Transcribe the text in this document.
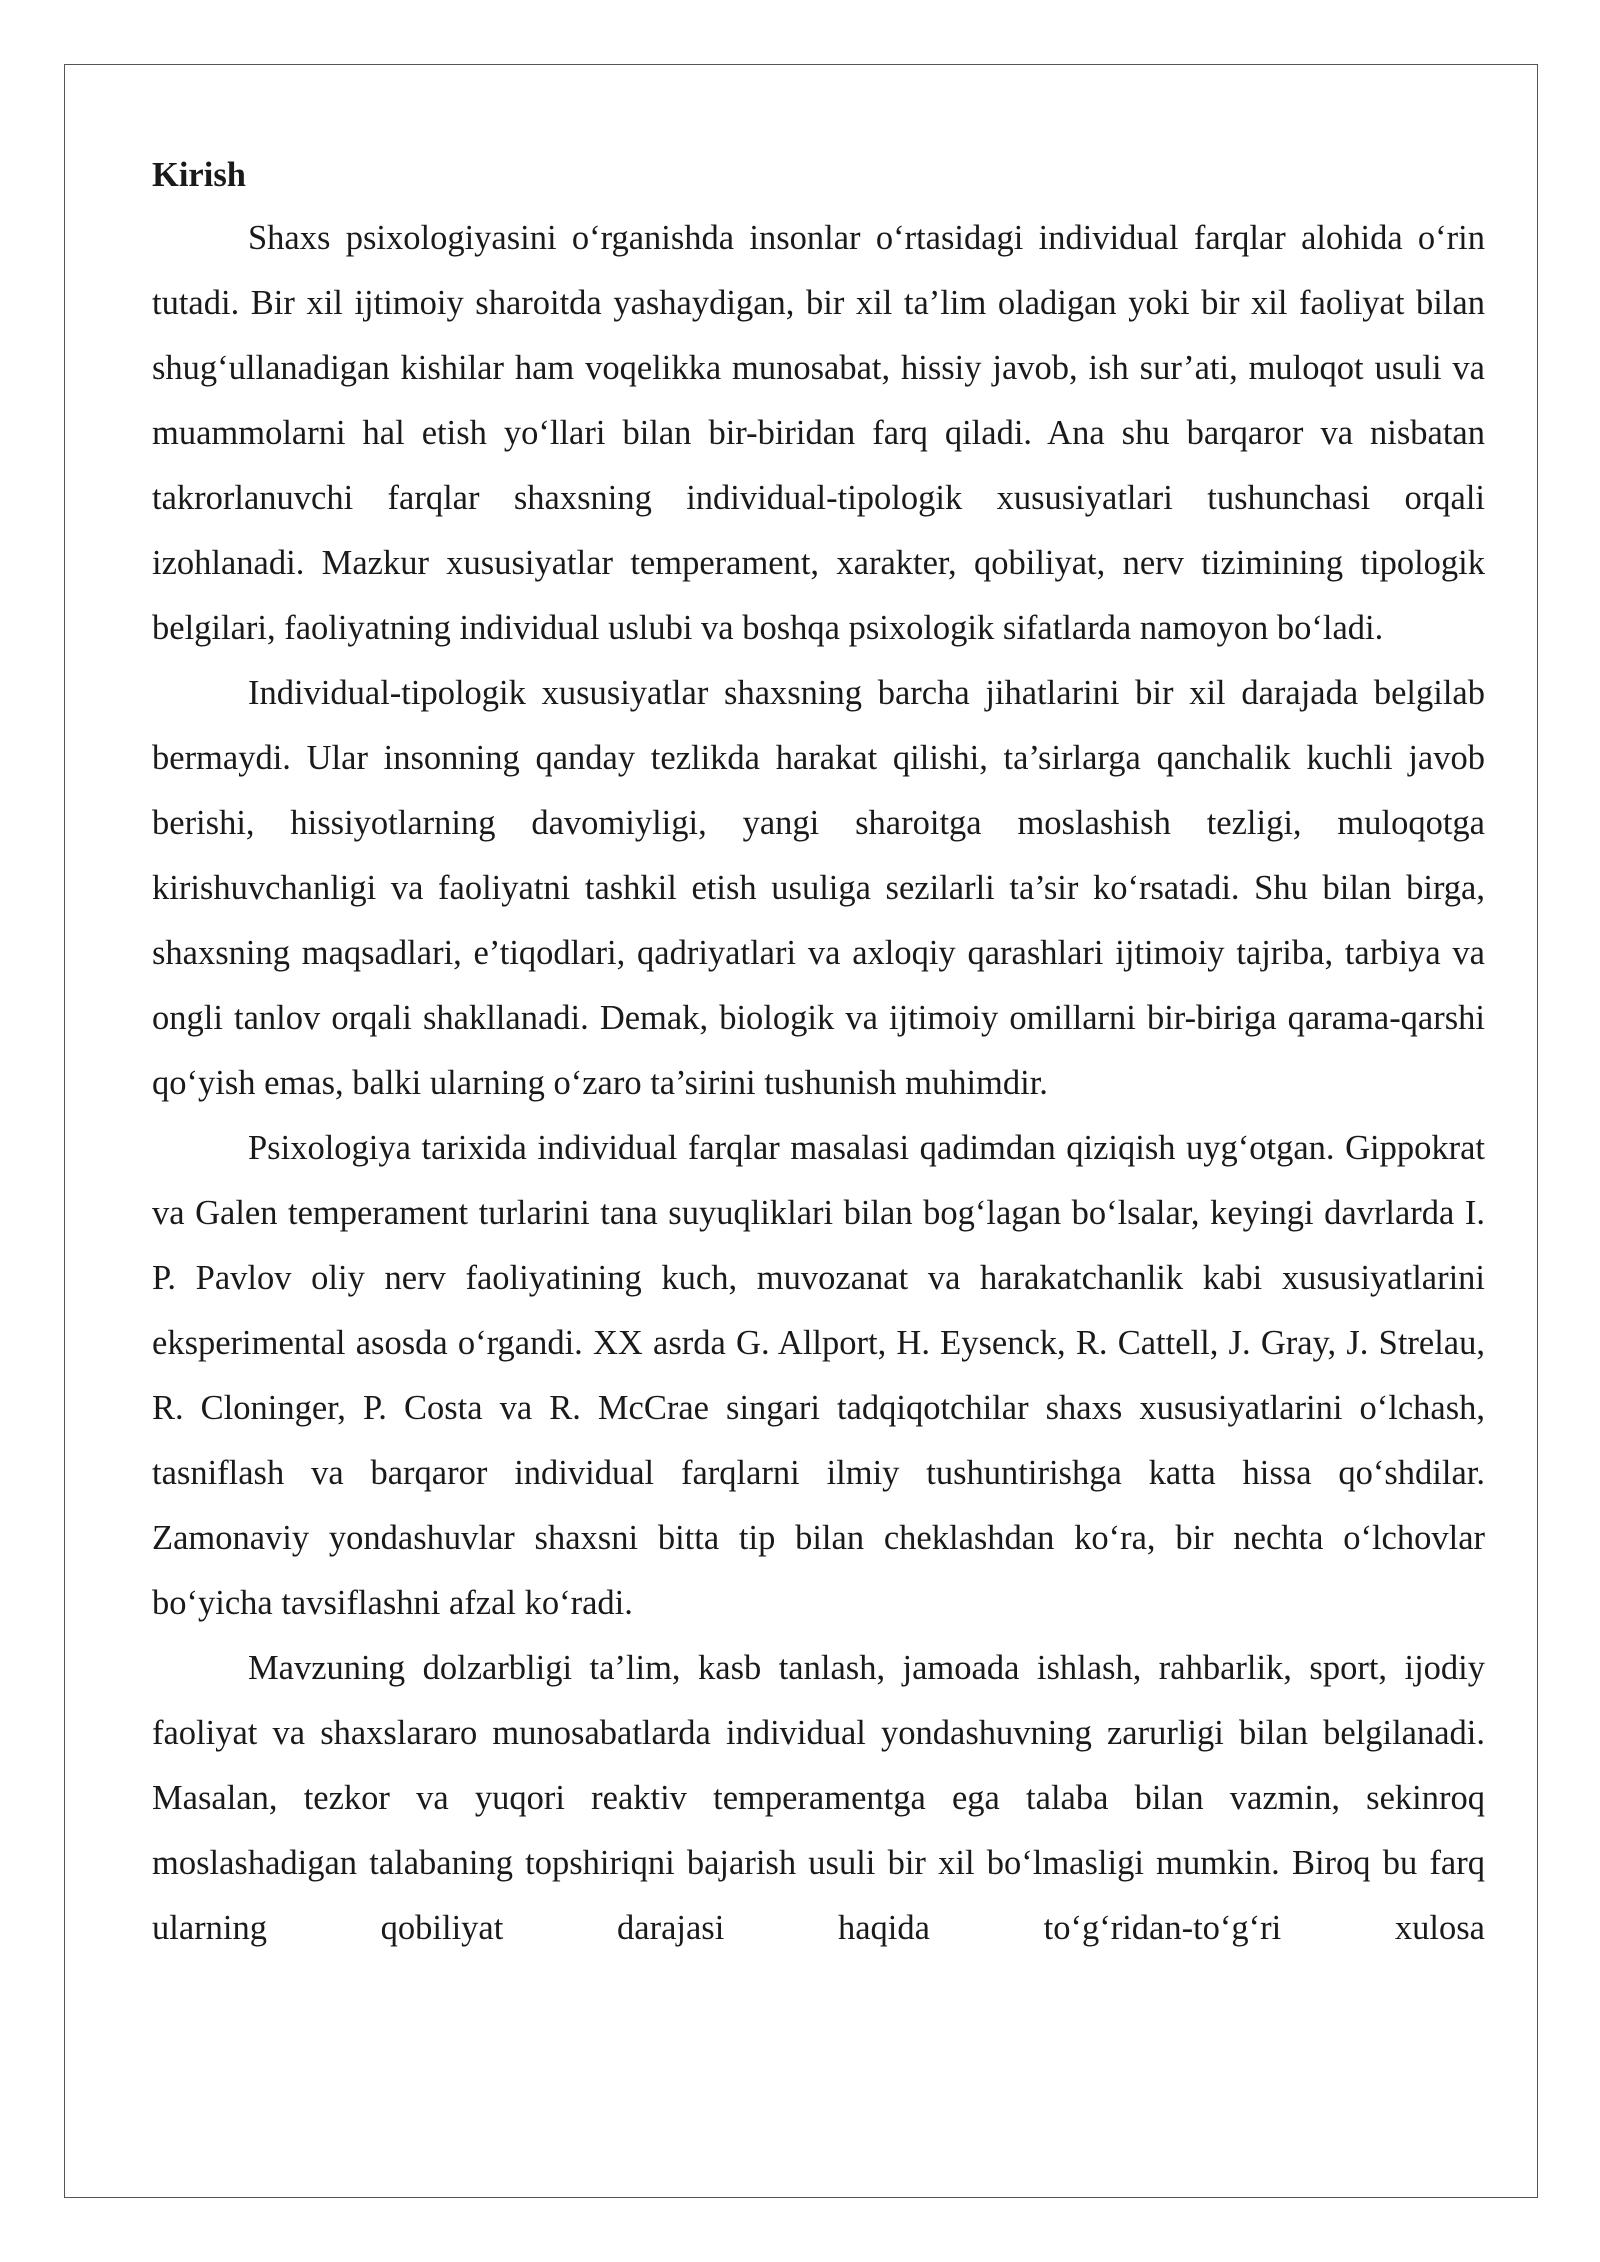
Kirish

Shaxs psixologiyasini o‘rganishda insonlar o‘rtasidagi individual farqlar alohida o‘rin tutadi. Bir xil ijtimoiy sharoitda yashaydigan, bir xil ta’lim oladigan yoki bir xil faoliyat bilan shug‘ullanadigan kishilar ham voqelikka munosabat, hissiy javob, ish sur’ati, muloqot usuli va muammolarni hal etish yo‘llari bilan bir-biridan farq qiladi. Ana shu barqaror va nisbatan takrorlanuvchi farqlar shaxsning individual-tipologik xususiyatlari tushunchasi orqali izohlanadi. Mazkur xususiyatlar temperament, xarakter, qobiliyat, nerv tizimining tipologik belgilari, faoliyatning individual uslubi va boshqa psixologik sifatlarda namoyon bo‘ladi.

Individual-tipologik xususiyatlar shaxsning barcha jihatlarini bir xil darajada belgilab bermaydi. Ular insonning qanday tezlikda harakat qilishi, ta’sirlarga qanchalik kuchli javob berishi, hissiyotlarning davomiyligi, yangi sharoitga moslashish tezligi, muloqotga kirishuvchanligi va faoliyatni tashkil etish usuliga sezilarli ta’sir ko‘rsatadi. Shu bilan birga, shaxsning maqsadlari, e’tiqodlari, qadriyatlari va axloqiy qarashlari ijtimoiy tajriba, tarbiya va ongli tanlov orqali shakllanadi. Demak, biologik va ijtimoiy omillarni bir-biriga qarama-qarshi qo‘yish emas, balki ularning o‘zaro ta’sirini tushunish muhimdir.

Psixologiya tarixida individual farqlar masalasi qadimdan qiziqish uyg‘otgan. Gippokrat va Galen temperament turlarini tana suyuqliklari bilan bog‘lagan bo‘lsalar, keyingi davrlarda I. P. Pavlov oliy nerv faoliyatining kuch, muvozanat va harakatchanlik kabi xususiyatlarini eksperimental asosda o‘rgandi. XX asrda G. Allport, H. Eysenck, R. Cattell, J. Gray, J. Strelau, R. Cloninger, P. Costa va R. McCrae singari tadqiqotchilar shaxs xususiyatlarini o‘lchash, tasniflash va barqaror individual farqlarni ilmiy tushuntirishga katta hissa qo‘shdilar. Zamonaviy yondashuvlar shaxsni bitta tip bilan cheklashdan ko‘ra, bir nechta o‘lchovlar bo‘yicha tavsiflashni afzal ko‘radi.

Mavzuning dolzarbligi ta’lim, kasb tanlash, jamoada ishlash, rahbarlik, sport, ijodiy faoliyat va shaxslararo munosabatlarda individual yondashuvning zarurligi bilan belgilanadi. Masalan, tezkor va yuqori reaktiv temperamentga ega talaba bilan vazmin, sekinroq moslashadigan talabaning topshiriqni bajarish usuli bir xil bo‘lmasligi mumkin. Biroq bu farq ularning qobiliyat darajasi haqida to‘g‘ridan-to‘g‘ri xulosa
